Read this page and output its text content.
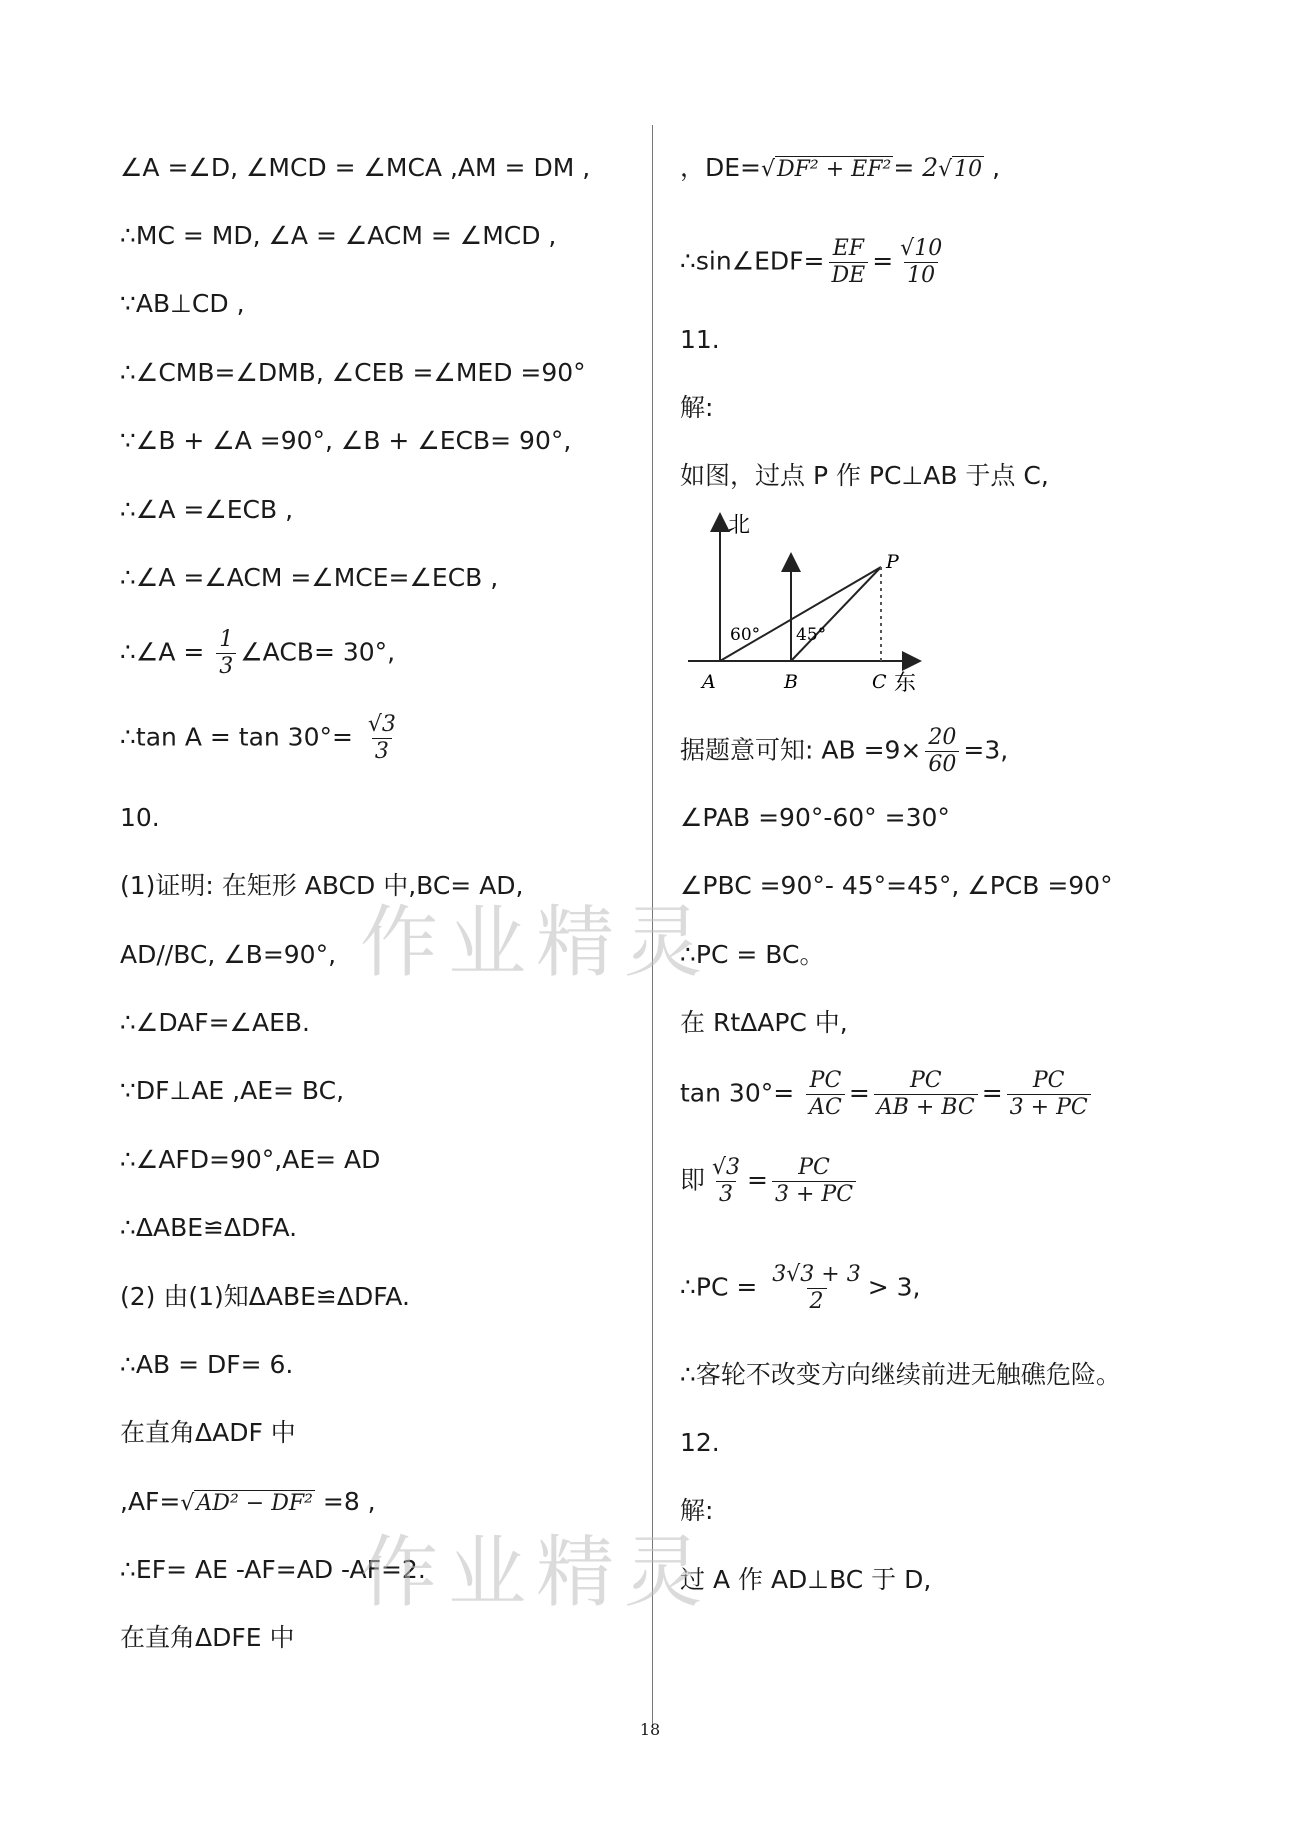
∠A =∠D, ∠MCD = ∠MCA ,AM = DM ,
∴MC = MD, ∠A = ∠ACM = ∠MCD ,
∵AB⊥CD ,
∴∠CMB=∠DMB, ∠CEB =∠MED =90°
∵∠B + ∠A =90°, ∠B + ∠ECB= 90°,
∴∠A =∠ECB ,
∴∠A =∠ACM =∠MCE=∠ECB ,
∴∠A = $\frac{1}{3}$ ∠ACB= 30°,
∴tan $A = \tan 30^\circ= \frac{√3}{3}$
10.
(1)证明: 在矩形 ABCD 中,BC= AD,
AD//BC, ∠B=90°,
∴∠DAF=∠AEB.
∵DF⊥AE ,AE= BC,
∴∠AFD=90°,AE= AD
∴ΔABE≌ΔDFA.
(2) 由(1)知ΔABE≌ΔDFA.
∴AB = DF= 6.
在直角ΔADF 中
,AF=√AD² − DF² =8 ,
∴EF= AE -AF=AD -AF=2.
在直角ΔDFE 中
，DE=√DF² + EF²= 2√10 ,
∴sin∠EDF= $\frac{EF}{DE} = \frac{√10}{10}$
11.
解:
如图，过点 P 作 PC⊥AB 于点 C,
据题意可知: AB $=9\times \frac{20}{60} =3$,
∠PAB =90°-60° =30°
∠PBC =90°- 45°=45°, ∠PCB =90°
∴PC = BC。
在 RtΔAPC 中,
$\tan 30^\circ= \frac{PC}{AC} = \frac{PC}{AB + BC} = \frac{PC}{3 + PC}$
即 $\frac{√3}{3} = \frac{PC}{3 + PC}$
∴PC = $\frac{3√3 + 3}{2} > 3$,
∴客轮不改变方向继续前进无触礁危险。
12.
解:
过 A 作 AD⊥BC 于 D,
北
东
60° 45°
A	B	C
P
作业精灵
作业精灵
18
